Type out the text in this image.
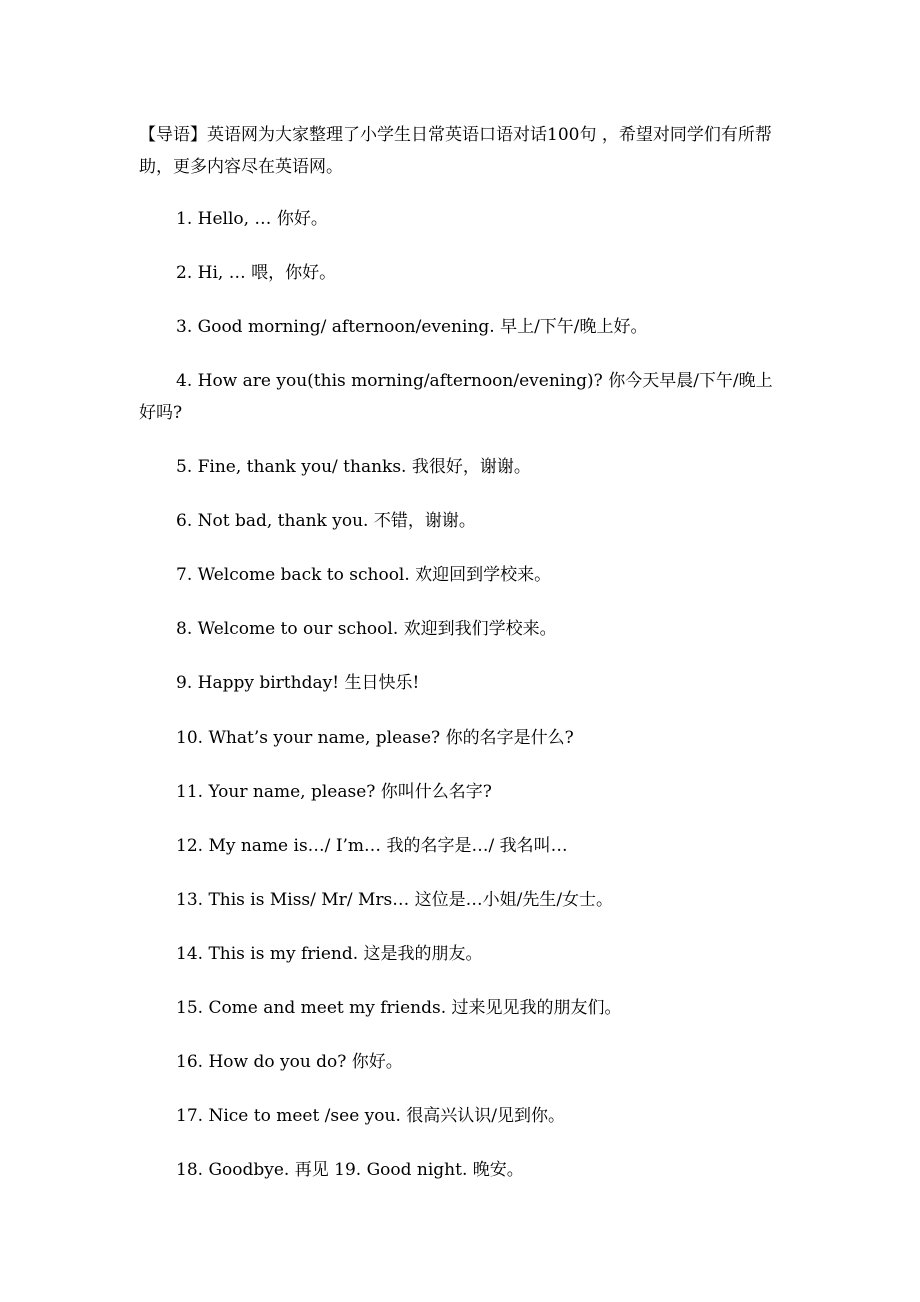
【导语】英语网为大家整理了小学生日常英语口语对话100句 ，希望对同学们有所帮助，更多内容尽在英语网。
1. Hello, … 你好。
2. Hi, … 喂，你好。
3. Good morning/ afternoon/evening. 早上/下午/晚上好。
4. How are you(this morning/afternoon/evening)? 你今天早晨/下午/晚上好吗?
5. Fine, thank you/ thanks. 我很好，谢谢。
6. Not bad, thank you. 不错，谢谢。
7. Welcome back to school. 欢迎回到学校来。
8. Welcome to our school. 欢迎到我们学校来。
9. Happy birthday! 生日快乐!
10. What’s your name, please? 你的名字是什么?
11. Your name, please? 你叫什么名字?
12. My name is…/ I’m… 我的名字是…/ 我名叫…
13. This is Miss/ Mr/ Mrs… 这位是…小姐/先生/女士。
14. This is my friend. 这是我的朋友。
15. Come and meet my friends. 过来见见我的朋友们。
16. How do you do? 你好。
17. Nice to meet /see you. 很高兴认识/见到你。
18. Goodbye. 再见 19. Good night. 晚安。
